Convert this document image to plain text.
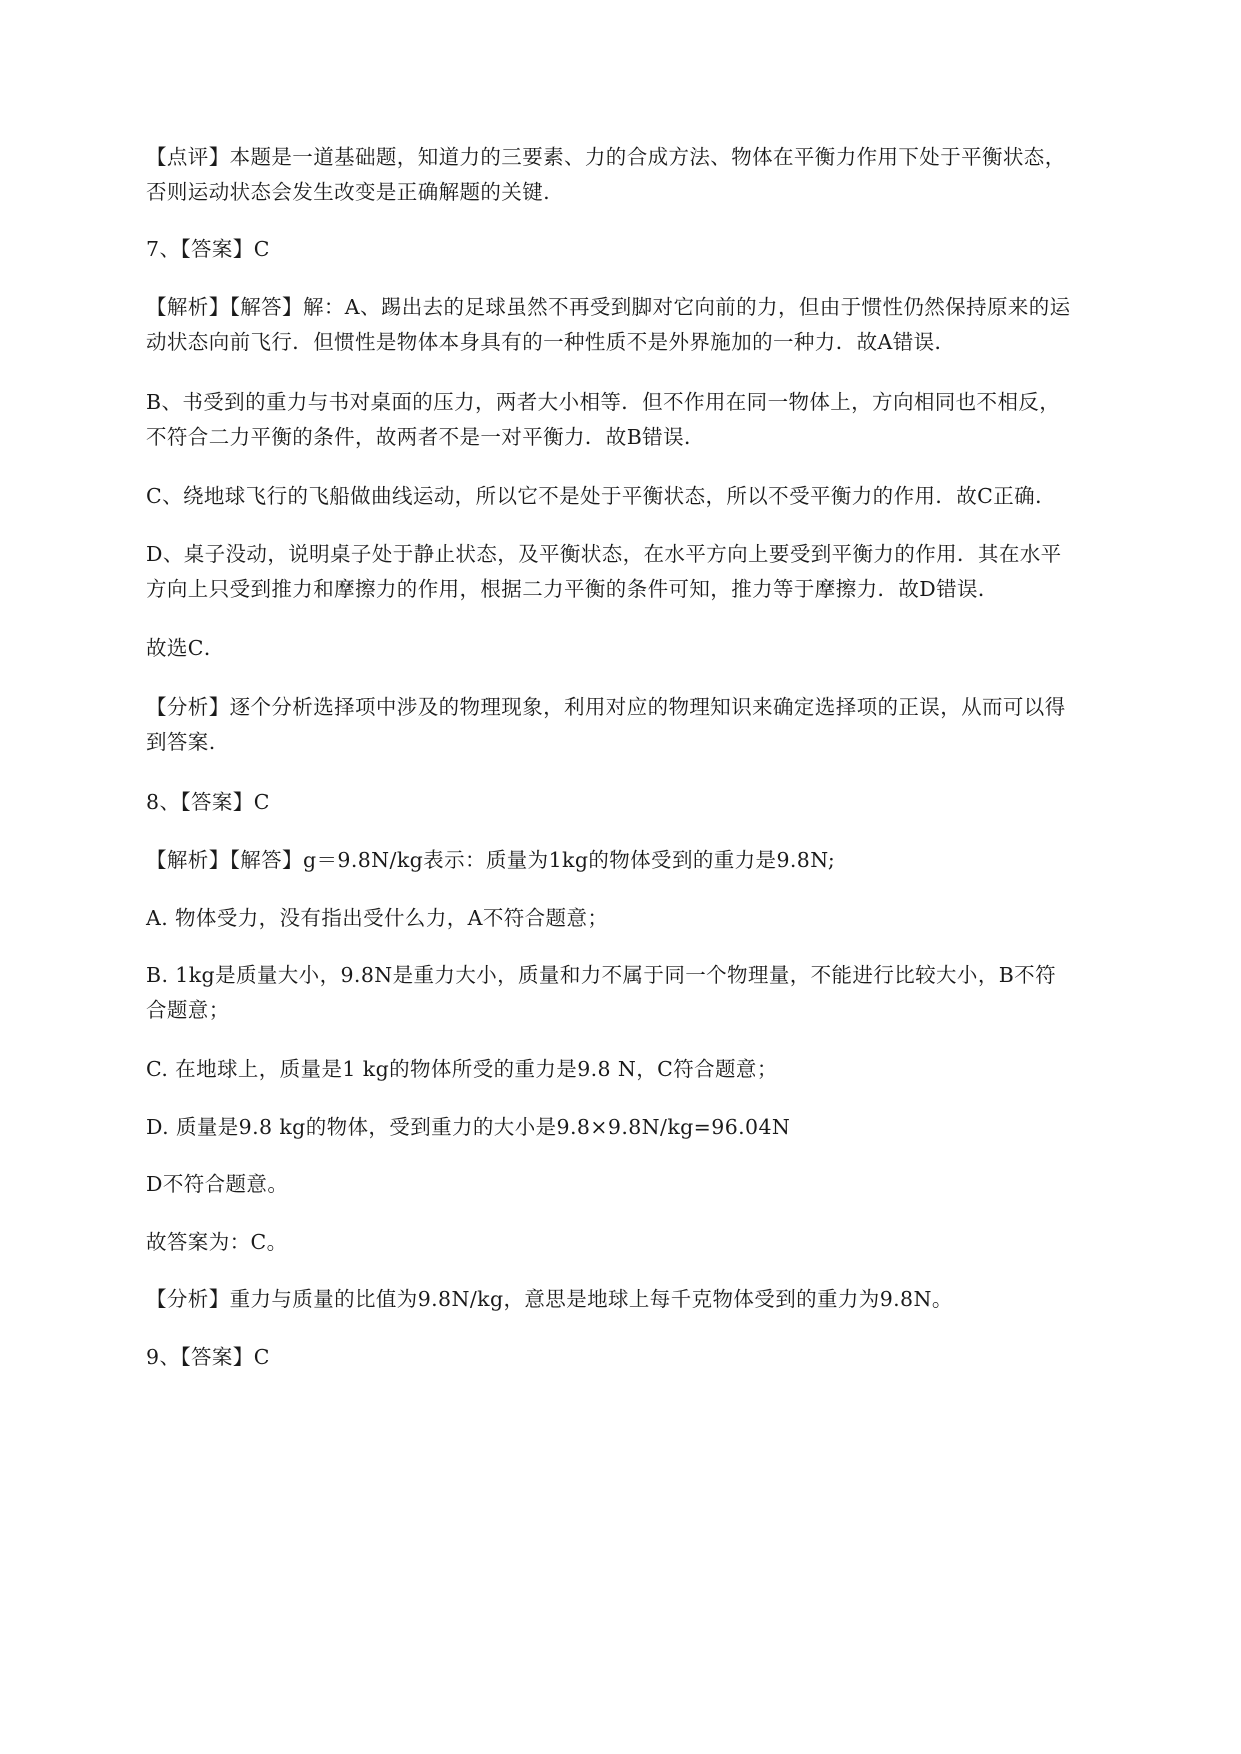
【点评】本题是一道基础题，知道力的三要素、力的合成方法、物体在平衡力作用下处于平衡状态，
否则运动状态会发生改变是正确解题的关键.
7、【答案】C
【解析】【解答】解：A、踢出去的足球虽然不再受到脚对它向前的力，但由于惯性仍然保持原来的运
动状态向前飞行．但惯性是物体本身具有的一种性质不是外界施加的一种力．故A错误．
B、书受到的重力与书对桌面的压力，两者大小相等．但不作用在同一物体上，方向相同也不相反，
不符合二力平衡的条件，故两者不是一对平衡力．故B错误．
C、绕地球飞行的飞船做曲线运动，所以它不是处于平衡状态，所以不受平衡力的作用．故C正确．
D、桌子没动，说明桌子处于静止状态，及平衡状态，在水平方向上要受到平衡力的作用．其在水平
方向上只受到推力和摩擦力的作用，根据二力平衡的条件可知，推力等于摩擦力．故D错误．
故选C．
【分析】逐个分析选择项中涉及的物理现象，利用对应的物理知识来确定选择项的正误，从而可以得
到答案.
8、【答案】C
【解析】【解答】g＝9.8N/kg表示：质量为1kg的物体受到的重力是9.8N;
A. 物体受力，没有指出受什么力，A不符合题意；
B. 1kg是质量大小，9.8N是重力大小，质量和力不属于同一个物理量，不能进行比较大小，B不符
合题意；
C. 在地球上，质量是1 kg的物体所受的重力是9.8 N，C符合题意；
D. 质量是9.8 kg的物体，受到重力的大小是9.8×9.8N/kg=96.04N
D不符合题意。
故答案为：C。
【分析】重力与质量的比值为9.8N/kg，意思是地球上每千克物体受到的重力为9.8N。
9、【答案】C
